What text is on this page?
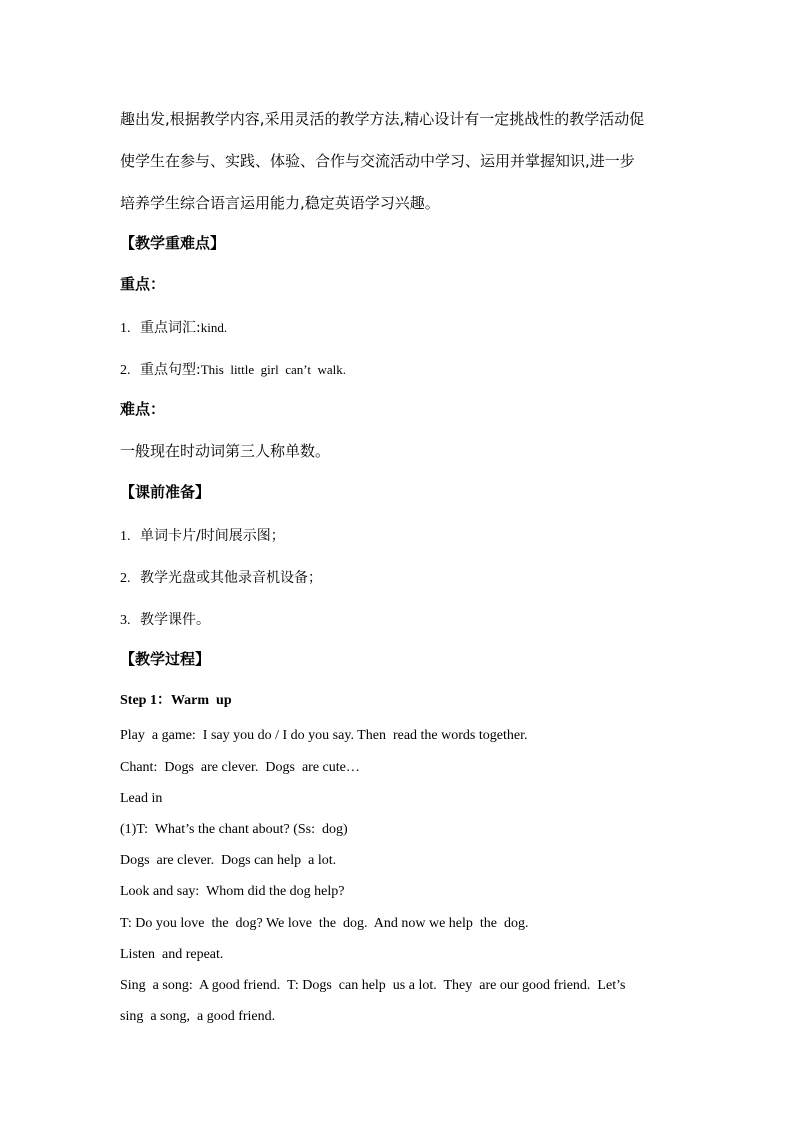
趣出发,根据教学内容,采用灵活的教学方法,精心设计有一定挑战性的教学活动促
使学生在参与、实践、体验、合作与交流活动中学习、运用并掌握知识,进一步
培养学生综合语言运用能力,稳定英语学习兴趣。
【教学重难点】
重点：
1. 重点词汇:kind.
2. 重点句型:This  little  girl  can’t  walk.
难点：
一般现在时动词第三人称单数。
【课前准备】
1. 单词卡片/时间展示图；
2. 教学光盘或其他录音机设备；
3. 教学课件。
【教学过程】
Step 1：Warm  up
Play  a game:  I say you do / I do you say. Then  read the words together.
Chant:  Dogs  are clever.  Dogs  are cute…
Lead in
(1)T:  What’s the chant about? (Ss:  dog)
Dogs  are clever.  Dogs can help  a lot.
Look and say:  Whom did the dog help?
T: Do you love  the  dog? We love  the  dog.  And now we help  the  dog.
Listen  and repeat.
Sing  a song:  A good friend.  T: Dogs  can help  us a lot.  They  are our good friend.  Let’s
sing  a song,  a good friend.
